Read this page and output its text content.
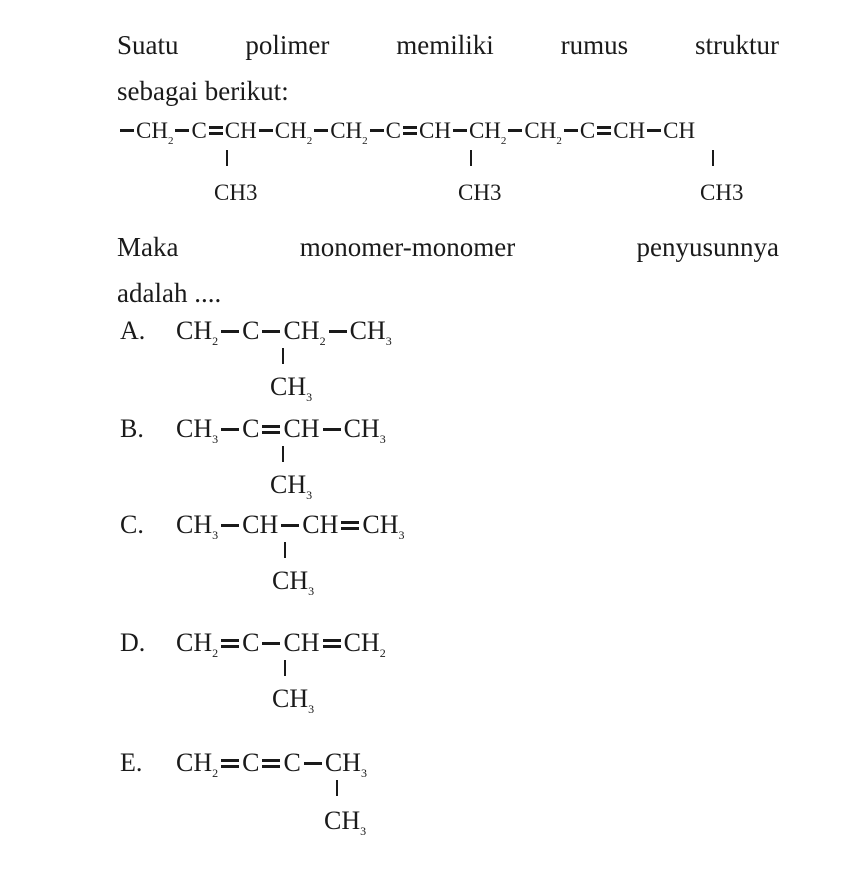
Suatu polimer memiliki rumus struktur
sebagai berikut:
$CH_2$ C CH $CH_2$ $CH_2$ C CH $CH_2$ $CH_2$ C CH CH
CH3	CH3	CH3
Maka	monomer-monomer	penyusunnya
adalah ....
A. $CH_2$ C $CH_2$ $CH_3$
$CH_3$
B. $CH_3$ C CH $CH_3$
$CH_3$
C. $CH_3$ CH CH $CH_3$
$CH_3$
D. $CH_2$ C CH $CH_2$
$CH_3$
E. $CH_2$ C C $CH_3$
$CH_3$
